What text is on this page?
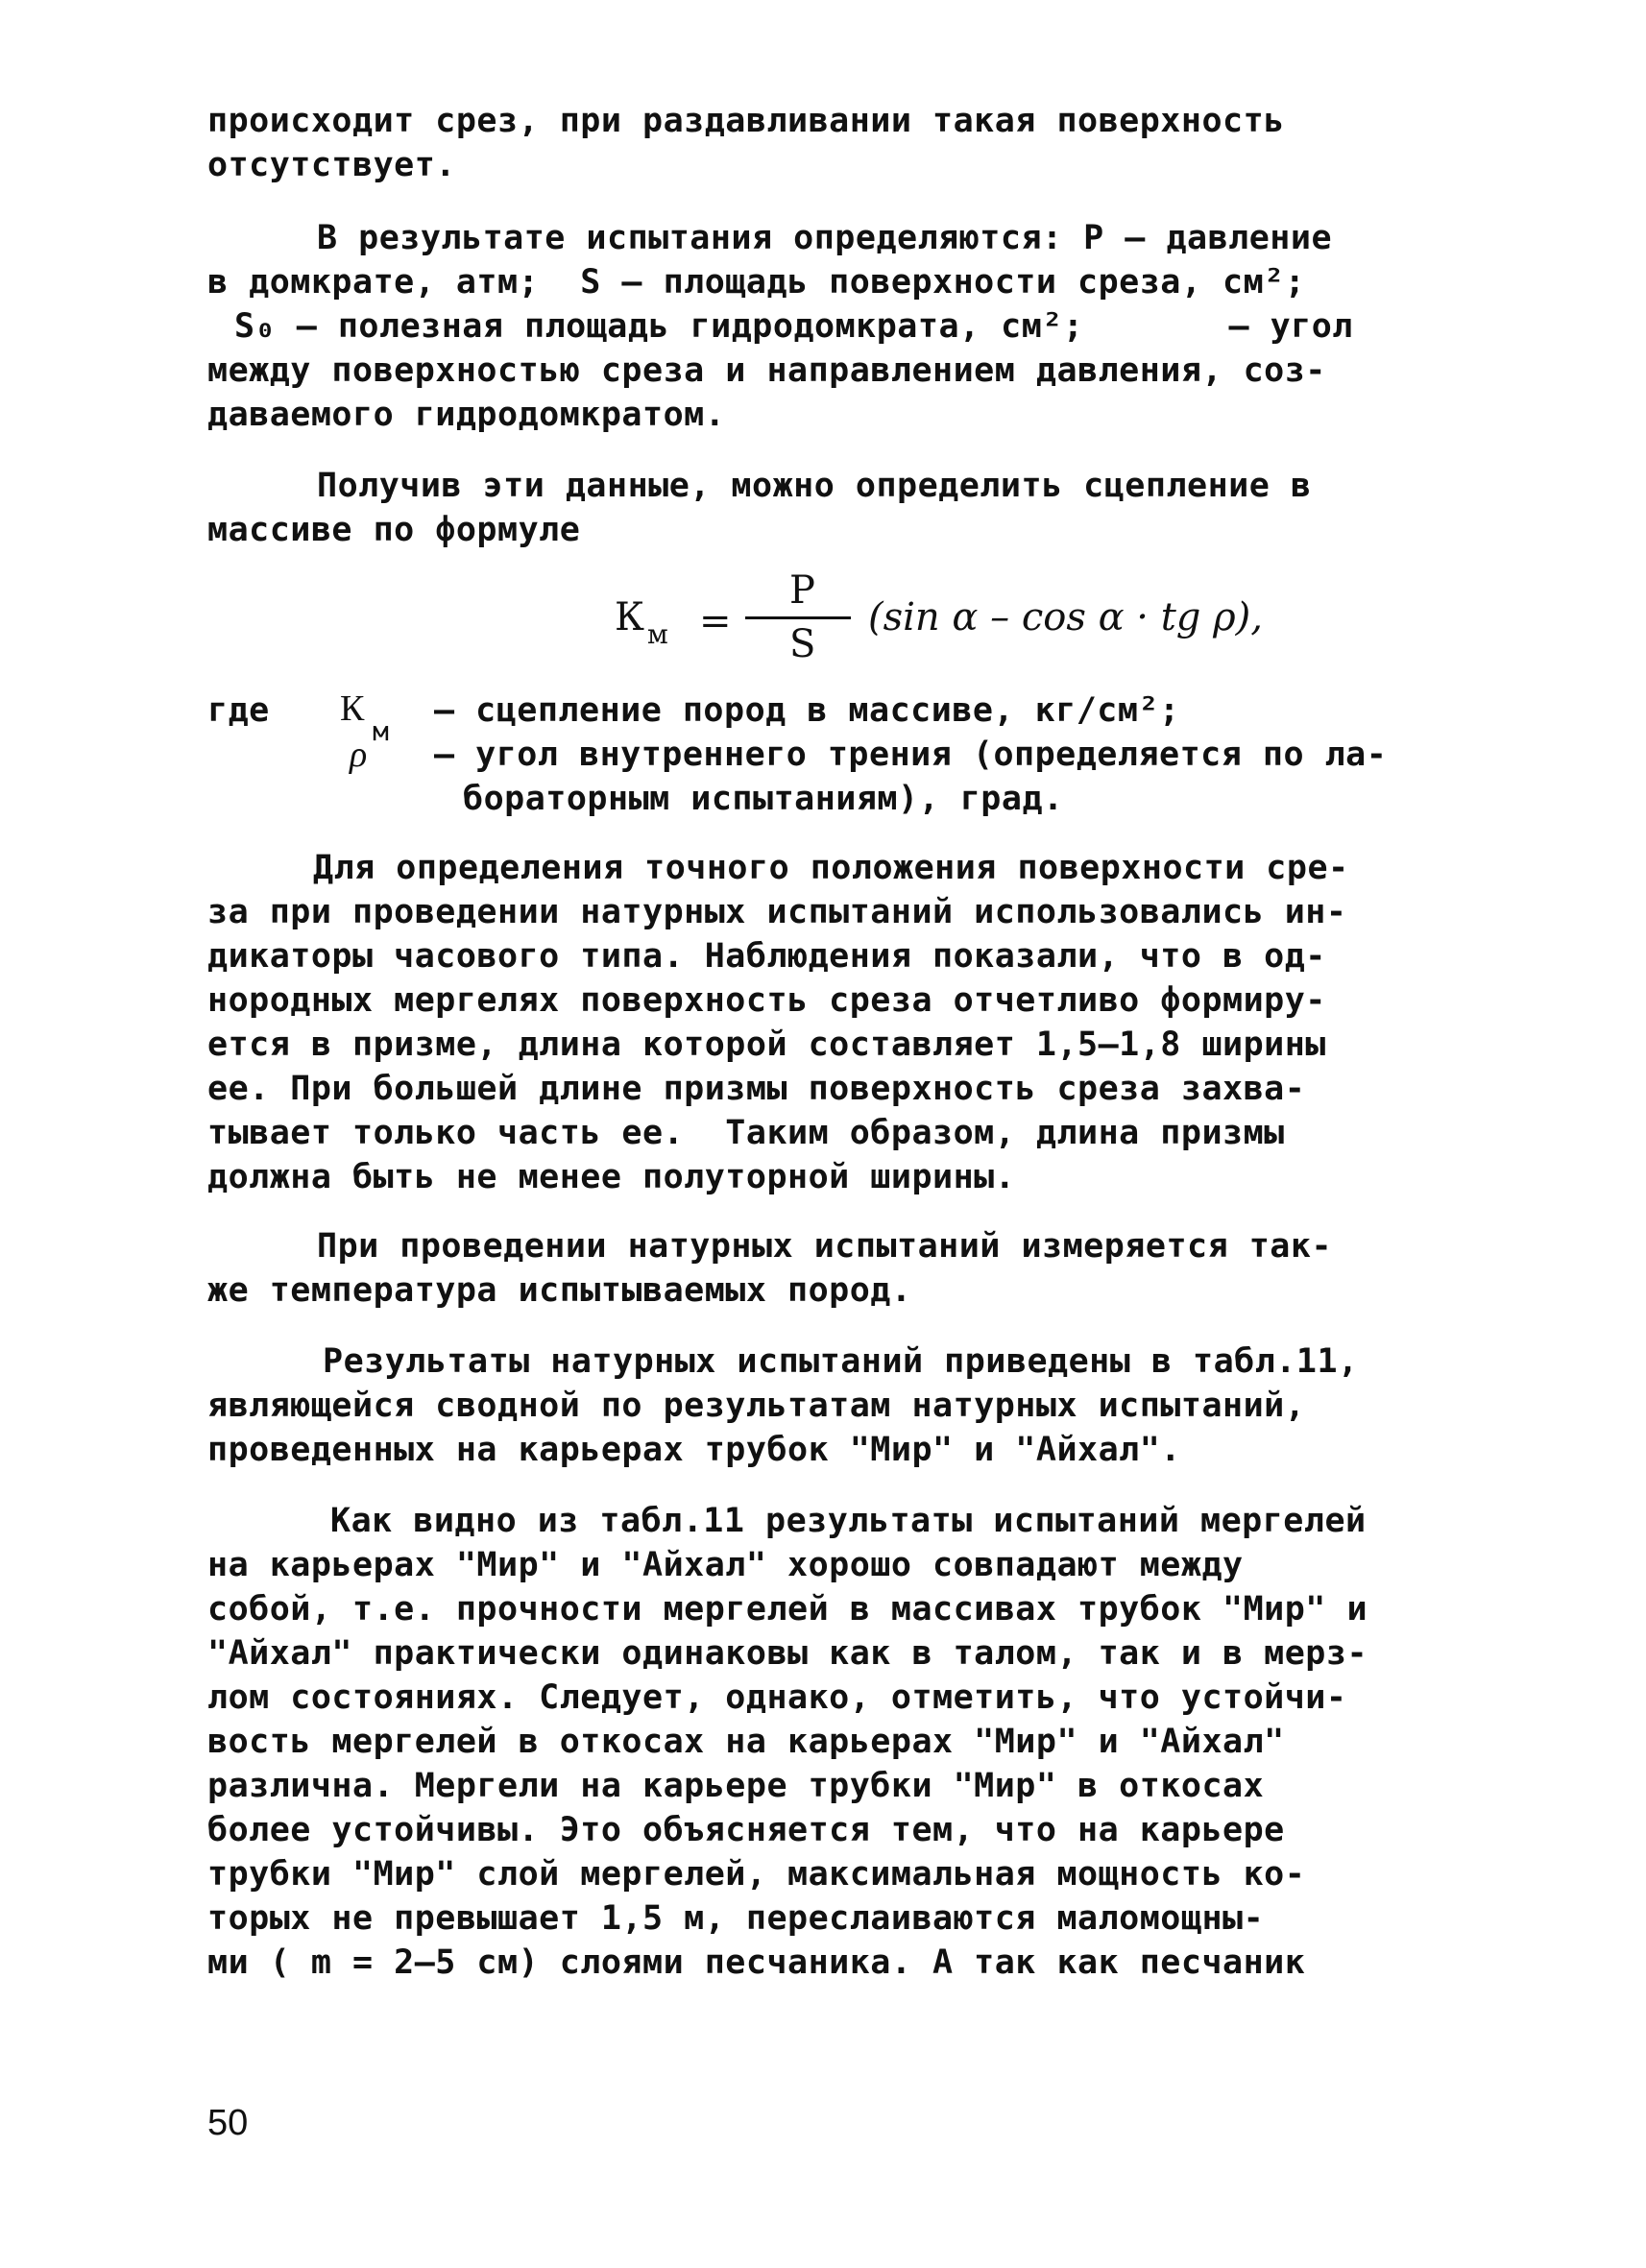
происходит срез, при раздавливании такая поверхность
отсутствует.
В результате испытания определяются: Р – давление
в домкрате, атм;  S – площадь поверхности среза, см²;
S₀ – полезная площадь гидродомкрата, см²;       – угол
между поверхностью среза и направлением давления, соз-
даваемого гидродомкратом.
Получив эти данные, можно определить сцепление в
массиве по формуле
К м =
Р
S
(sin α – cos α · tg ρ),
где К
м
– сцепление пород в массиве, кг/см²;
ρ – угол внутреннего трения (определяется по ла-
бораторным испытаниям), град.
Для определения точного положения поверхности сре-
за при проведении натурных испытаний использовались ин-
дикаторы часового типа. Наблюдения показали, что в од-
нородных мергелях поверхность среза отчетливо формиру-
ется в призме, длина которой составляет 1,5–1,8 ширины
ее. При большей длине призмы поверхность среза захва-
тывает только часть ее.  Таким образом, длина призмы
должна быть не менее полуторной ширины.
При проведении натурных испытаний измеряется так-
же температура испытываемых пород.
Результаты натурных испытаний приведены в табл.11,
являющейся сводной по результатам натурных испытаний,
проведенных на карьерах трубок "Мир" и "Айхал".
Как видно из табл.11 результаты испытаний мергелей
на карьерах "Мир" и "Айхал" хорошо совпадают между
собой, т.е. прочности мергелей в массивах трубок "Мир" и
"Айхал" практически одинаковы как в талом, так и в мерз-
лом состояниях. Следует, однако, отметить, что устойчи-
вость мергелей в откосах на карьерах "Мир" и "Айхал"
различна. Мергели на карьере трубки "Мир" в откосах
более устойчивы. Это объясняется тем, что на карьере
трубки "Мир" слой мергелей, максимальная мощность ко-
торых не превышает 1,5 м, переслаиваются маломощны-
ми ( m = 2–5 см) слоями песчаника. А так как песчаник
50
